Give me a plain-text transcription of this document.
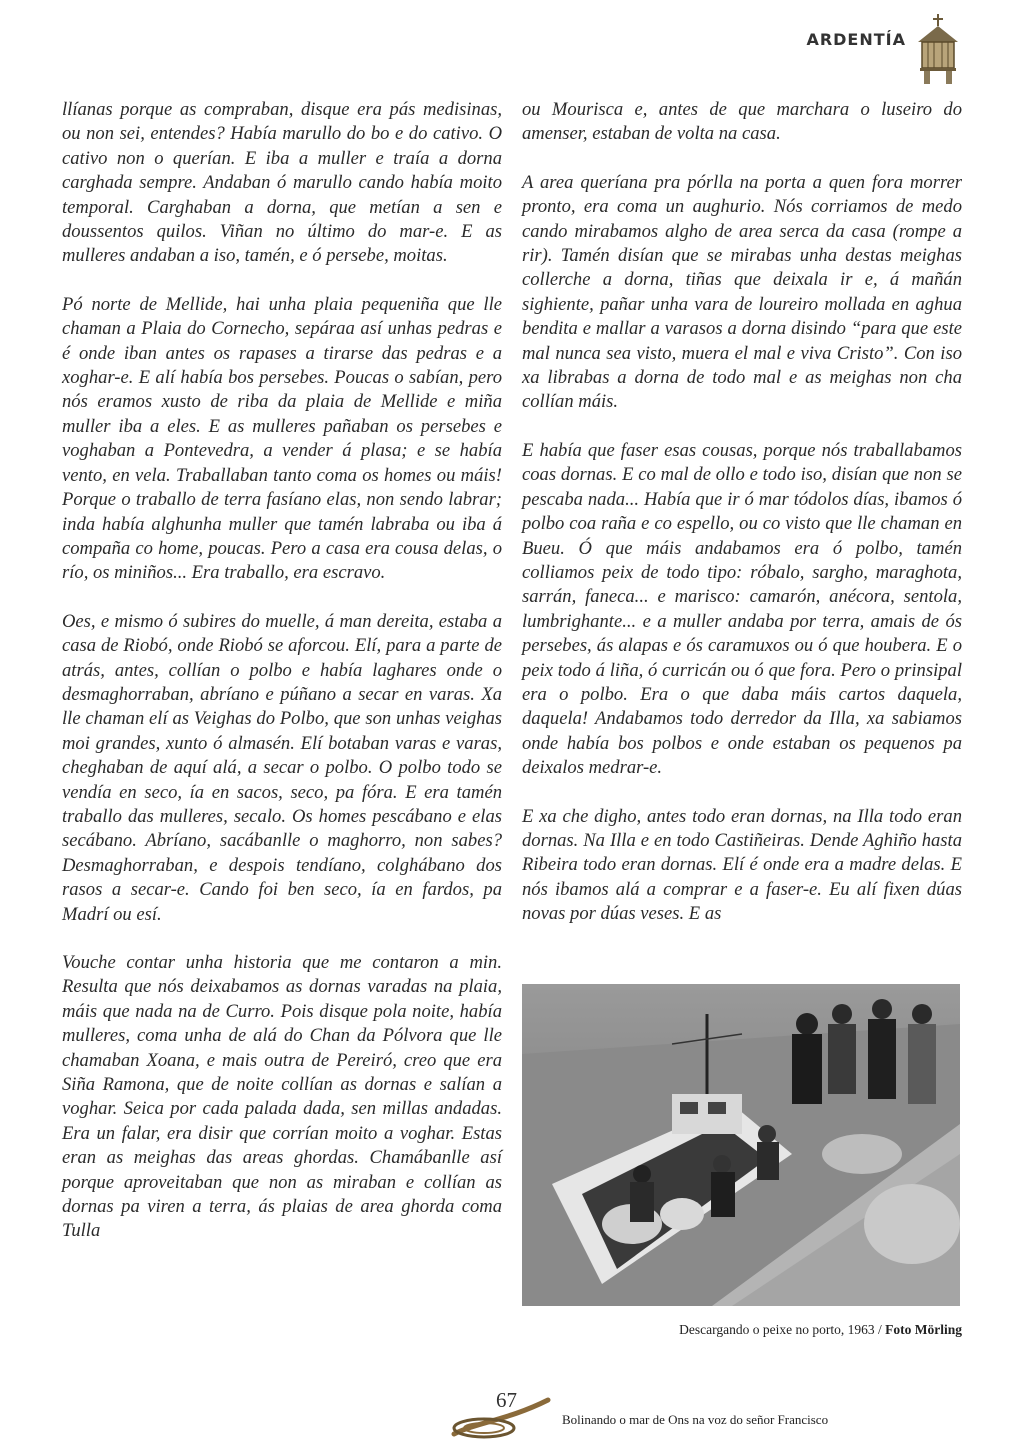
ARDENTÍA

llíanas porque as compraban, disque era pás medisinas, ou non sei, entendes? Había marullo do bo e do cativo. O cativo non o querían. E iba a muller e traía a dorna carghada sempre. Andaban ó marullo cando había moito temporal. Carghaban a dorna, que metían a sen e doussentos quilos. Viñan no último do mar-e. E as mulleres andaban a iso, tamén, e ó persebe, moitas.

Pó norte de Mellide, hai unha plaia pequeniña que lle chaman a Plaia do Cornecho, sepáraa así unhas pedras e é onde iban antes os rapases a tirarse das pedras e a xoghar-e. E alí había bos persebes. Poucas o sabían, pero nós eramos xusto de riba da plaia de Mellide e miña muller iba a eles. E as mulleres pañaban os persebes e voghaban a Pontevedra, a vender á plasa; e se había vento, en vela. Traballaban tanto coma os homes ou máis! Porque o traballo de terra fasíano elas, non sendo labrar; inda había alghunha muller que tamén labraba ou iba á compaña co home, poucas. Pero a casa era cousa delas, o río, os miniños... Era traballo, era escravo.

Oes, e mismo ó subires do muelle, á man dereita, estaba a casa de Riobó, onde Riobó se aforcou. Elí, para a parte de atrás, antes, collían o polbo e había laghares onde o desmaghorraban, abríano e púñano a secar en varas. Xa lle chaman elí as Veighas do Polbo, que son unhas veighas moi grandes, xunto ó almasén. Elí botaban varas e varas, cheghaban de aquí alá, a secar o polbo. O polbo todo se vendía en seco, ía en sacos, seco, pa fóra. E era tamén traballo das mulleres, secalo. Os homes pescábano e elas secábano. Abríano, sacábanlle o maghorro, non sabes? Desmaghorraban, e despois tendíano, colghábano dos rasos a secar-e. Cando foi ben seco, ía en fardos, pa Madrí ou esí.

Vouche contar unha historia que me contaron a min. Resulta que nós deixabamos as dornas varadas na plaia, máis que nada na de Curro. Pois disque pola noite, había mulleres, coma unha de alá do Chan da Pólvora que lle chamaban Xoana, e mais outra de Pereiró, creo que era Siña Ramona, que de noite collían as dornas e salían a voghar. Seica por cada palada dada, sen millas andadas. Era un falar, era disir que corrían moito a voghar. Estas eran as meighas das areas ghordas. Chamábanlle así porque aproveitaban que non as miraban e collían as dornas pa viren a terra, ás plaias de area ghorda coma Tulla

ou Mourisca e, antes de que marchara o luseiro do amenser, estaban de volta na casa.

A area queríana pra pórlla na porta a quen fora morrer pronto, era coma un aughurio. Nós corriamos de medo cando mirabamos algho de area serca da casa (rompe a rir). Tamén disían que se mirabas unha destas meighas collerche a dorna, tiñas que deixala ir e, á mañán sighiente, pañar unha vara de loureiro mollada en aghua bendita e mallar a varasos a dorna disindo “para que este mal nunca sea visto, muera el mal e viva Cristo”. Con iso xa librabas a dorna de todo mal e as meighas non cha collían máis.

E había que faser esas cousas, porque nós traballabamos coas dornas. E co mal de ollo e todo iso, disían que non se pescaba nada... Había que ir ó mar tódolos días, ibamos ó polbo coa raña e co espello, ou co visto que lle chaman en Bueu. Ó que máis andabamos era ó polbo, tamén colliamos peix de todo tipo: róbalo, sargho, maraghota, sarrán, faneca... e marisco: camarón, anécora, sentola, lumbrighante... e a muller andaba por terra, amais de ós persebes, ás alapas e ós caramuxos ou ó que houbera. E o peix todo á liña, ó curricán ou ó que fora. Pero o prinsipal era o polbo. Era o que daba máis cartos daquela, daquela! Andabamos todo derredor da Illa, xa sabiamos onde había bos polbos e onde estaban os pequenos pa deixalos medrar-e.

E xa che digho, antes todo eran dornas, na Illa todo eran dornas. Na Illa e en todo Castiñeiras. Dende Aghiño hasta Ribeira todo eran dornas. Elí é onde era a madre delas. E nós ibamos alá a comprar e a faser-e. Eu alí fixen dúas novas por dúas veses. E as

Descargando o peixe no porto, 1963 / Foto Mörling
67
Bolinando o mar de Ons na voz do señor Francisco
